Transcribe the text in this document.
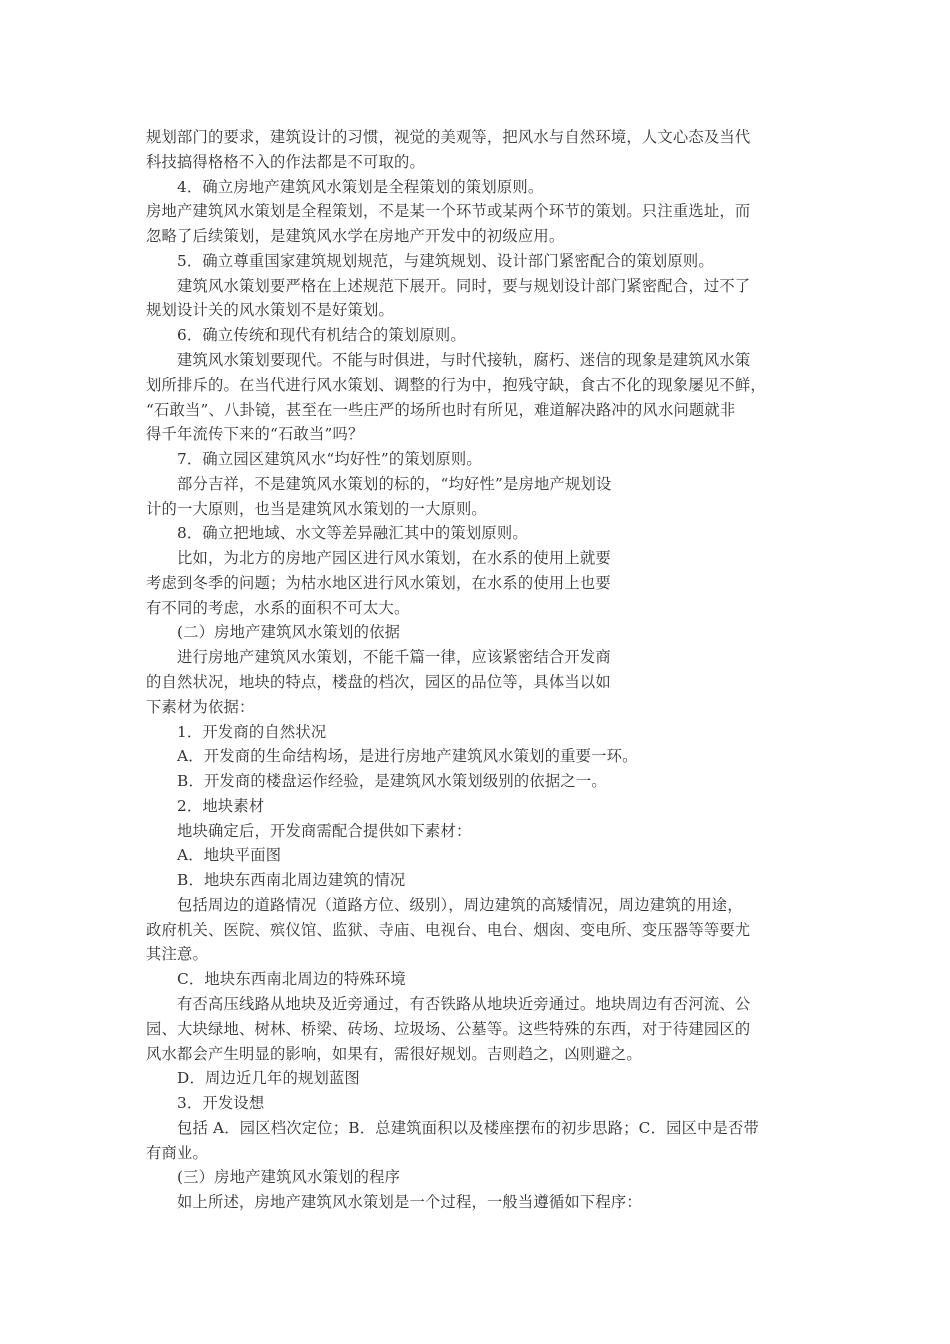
规划部门的要求，建筑设计的习惯，视觉的美观等，把风水与自然环境，人文心态及当代
科技搞得格格不入的作法都是不可取的。
4．确立房地产建筑风水策划是全程策划的策划原则。
房地产建筑风水策划是全程策划，不是某一个环节或某两个环节的策划。只注重选址，而
忽略了后续策划，是建筑风水学在房地产开发中的初级应用。
5．确立尊重国家建筑规划规范，与建筑规划、设计部门紧密配合的策划原则。
建筑风水策划要严格在上述规范下展开。同时，要与规划设计部门紧密配合，过不了
规划设计关的风水策划不是好策划。
6．确立传统和现代有机结合的策划原则。
建筑风水策划要现代。不能与时俱进，与时代接轨，腐朽、迷信的现象是建筑风水策
划所排斥的。在当代进行风水策划、调整的行为中，抱残守缺，食古不化的现象屡见不鲜，
“石敢当”、八卦镜，甚至在一些庄严的场所也时有所见，难道解决路冲的风水问题就非
得千年流传下来的“石敢当”吗？
7．确立园区建筑风水“均好性”的策划原则。
部分吉祥，不是建筑风水策划的标的，“均好性”是房地产规划设
计的一大原则，也当是建筑风水策划的一大原则。
8．确立把地域、水文等差异融汇其中的策划原则。
比如，为北方的房地产园区进行风水策划，在水系的使用上就要
考虑到冬季的问题；为枯水地区进行风水策划，在水系的使用上也要
有不同的考虑，水系的面积不可太大。
(二）房地产建筑风水策划的依据
进行房地产建筑风水策划，不能千篇一律，应该紧密结合开发商
的自然状况，地块的特点，楼盘的档次，园区的品位等，具体当以如
下素材为依据：
1．开发商的自然状况
A．开发商的生命结构场，是进行房地产建筑风水策划的重要一环。
B．开发商的楼盘运作经验，是建筑风水策划级别的依据之一。
2．地块素材
地块确定后，开发商需配合提供如下素材：
A．地块平面图
B．地块东西南北周边建筑的情况
包括周边的道路情况（道路方位、级别），周边建筑的高矮情况，周边建筑的用途，
政府机关、医院、殡仪馆、监狱、寺庙、电视台、电台、烟囱、变电所、变压器等等要尤
其注意。
C．地块东西南北周边的特殊环境
有否高压线路从地块及近旁通过，有否铁路从地块近旁通过。地块周边有否河流、公
园、大块绿地、树林、桥梁、砖场、垃圾场、公墓等。这些特殊的东西，对于待建园区的
风水都会产生明显的影响，如果有，需很好规划。吉则趋之，凶则避之。
D．周边近几年的规划蓝图
3．开发设想
包括 A．园区档次定位；B．总建筑面积以及楼座摆布的初步思路；C．园区中是否带
有商业。
(三）房地产建筑风水策划的程序
如上所述，房地产建筑风水策划是一个过程，一般当遵循如下程序：
